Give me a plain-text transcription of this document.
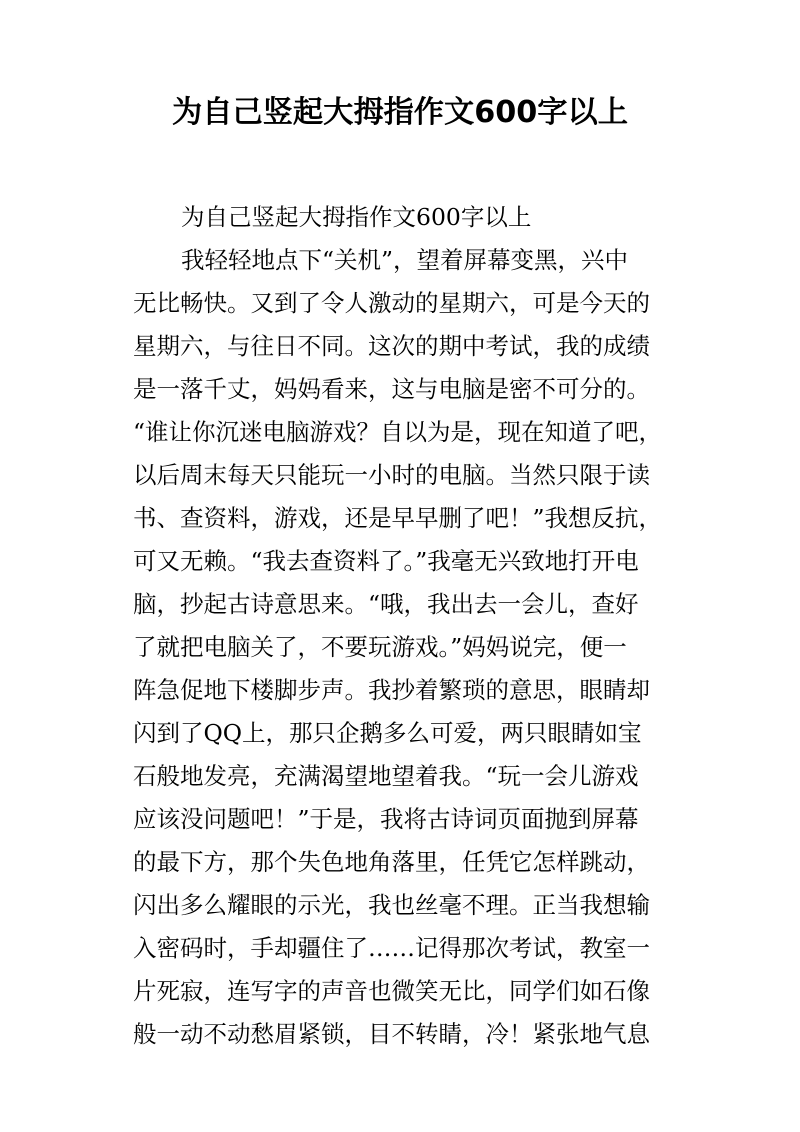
为自己竖起大拇指作文600字以上
为自己竖起大拇指作文600字以上
我轻轻地点下“关机”，望着屏幕变黑，兴中
无比畅快。又到了令人激动的星期六，可是今天的
星期六，与往日不同。这次的期中考试，我的成绩
是一落千丈，妈妈看来，这与电脑是密不可分的。
“谁让你沉迷电脑游戏？自以为是，现在知道了吧，
以后周末每天只能玩一小时的电脑。当然只限于读
书、查资料，游戏，还是早早删了吧！”我想反抗，
可又无赖。“我去查资料了。”我毫无兴致地打开电
脑，抄起古诗意思来。“哦，我出去一会儿，查好
了就把电脑关了，不要玩游戏。”妈妈说完，便一
阵急促地下楼脚步声。我抄着繁琐的意思，眼睛却
闪到了QQ上，那只企鹅多么可爱，两只眼睛如宝
石般地发亮，充满渴望地望着我。“玩一会儿游戏
应该没问题吧！”于是，我将古诗词页面抛到屏幕
的最下方，那个失色地角落里，任凭它怎样跳动，
闪出多么耀眼的示光，我也丝毫不理。正当我想输
入密码时，手却疆住了……记得那次考试，教室一
片死寂，连写字的声音也微笑无比，同学们如石像
般一动不动愁眉紧锁，目不转睛，冷！紧张地气息
